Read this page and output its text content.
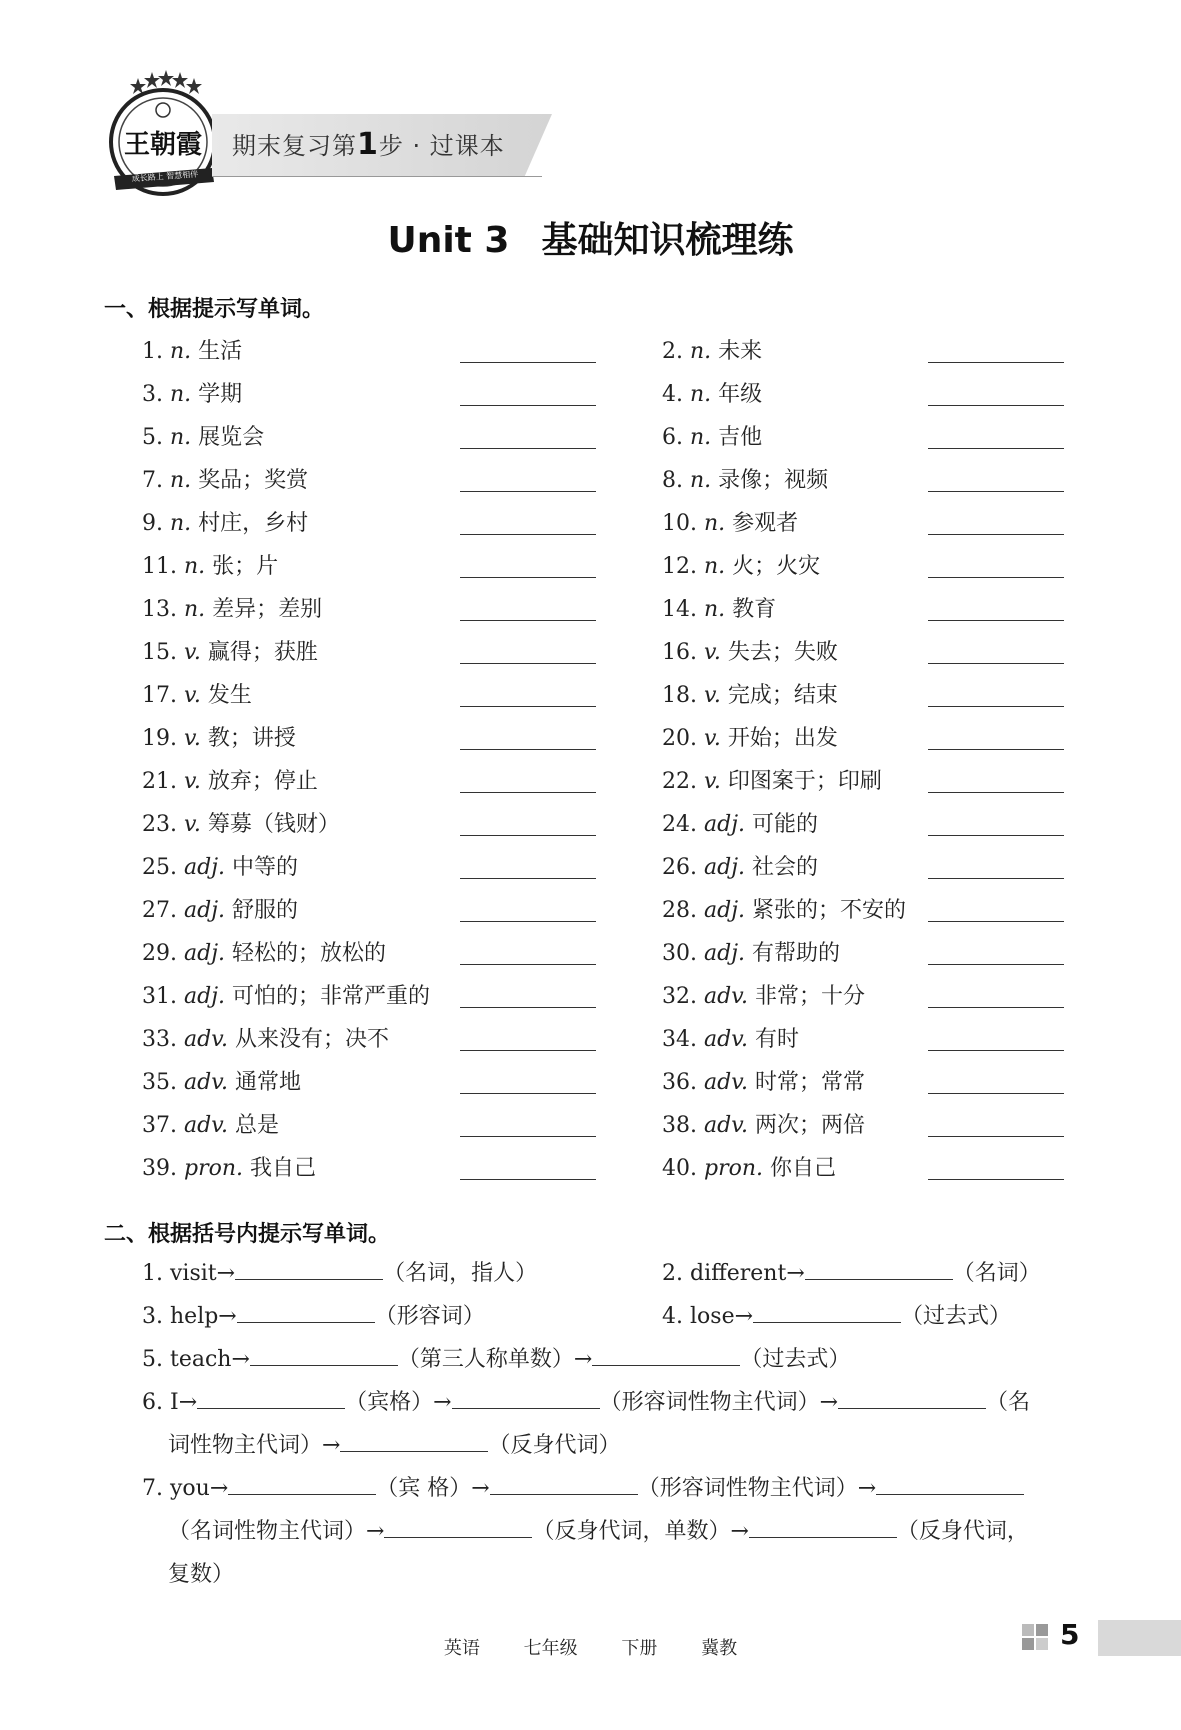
王朝霞
成长路上 智慧相伴
期末复习第1步 · 过课本
Unit 3 基础知识梳理练
一、根据提示写单词。
1. n. 生活	2. n. 未来
3. n. 学期	4. n. 年级
5. n. 展览会	6. n. 吉他
7. n. 奖品；奖赏	8. n. 录像；视频
9. n. 村庄，乡村	10. n. 参观者
11. n. 张；片	12. n. 火；火灾
13. n. 差异；差别	14. n. 教育
15. v. 赢得；获胜	16. v. 失去；失败
17. v. 发生	18. v. 完成；结束
19. v. 教；讲授	20. v. 开始；出发
21. v. 放弃；停止	22. v. 印图案于；印刷
23. v. 筹募（钱财）	24. adj. 可能的
25. adj. 中等的	26. adj. 社会的
27. adj. 舒服的	28. adj. 紧张的；不安的
29. adj. 轻松的；放松的	30. adj. 有帮助的
31. adj. 可怕的；非常严重的	32. adv. 非常；十分
33. adv. 从来没有；决不	34. adv. 有时
35. adv. 通常地	36. adv. 时常；常常
37. adv. 总是	38. adv. 两次；两倍
39. pron. 我自己	40. pron. 你自己
二、根据括号内提示写单词。
1. visit→	（名词，指人）	2. different→	（名词）
3. help→	（形容词）	4. lose→	（过去式）
5. teach→	（第三人称单数）→	（过去式）
6. I→	（宾格）→	（形容词性物主代词）→	（名
词性物主代词）→	（反身代词）
7. you→	（宾 格）→	（形容词性物主代词）→
（名词性物主代词）→	（反身代词，单数）→	（反身代词，
复数）
英语 七年级 下册 冀教	5
